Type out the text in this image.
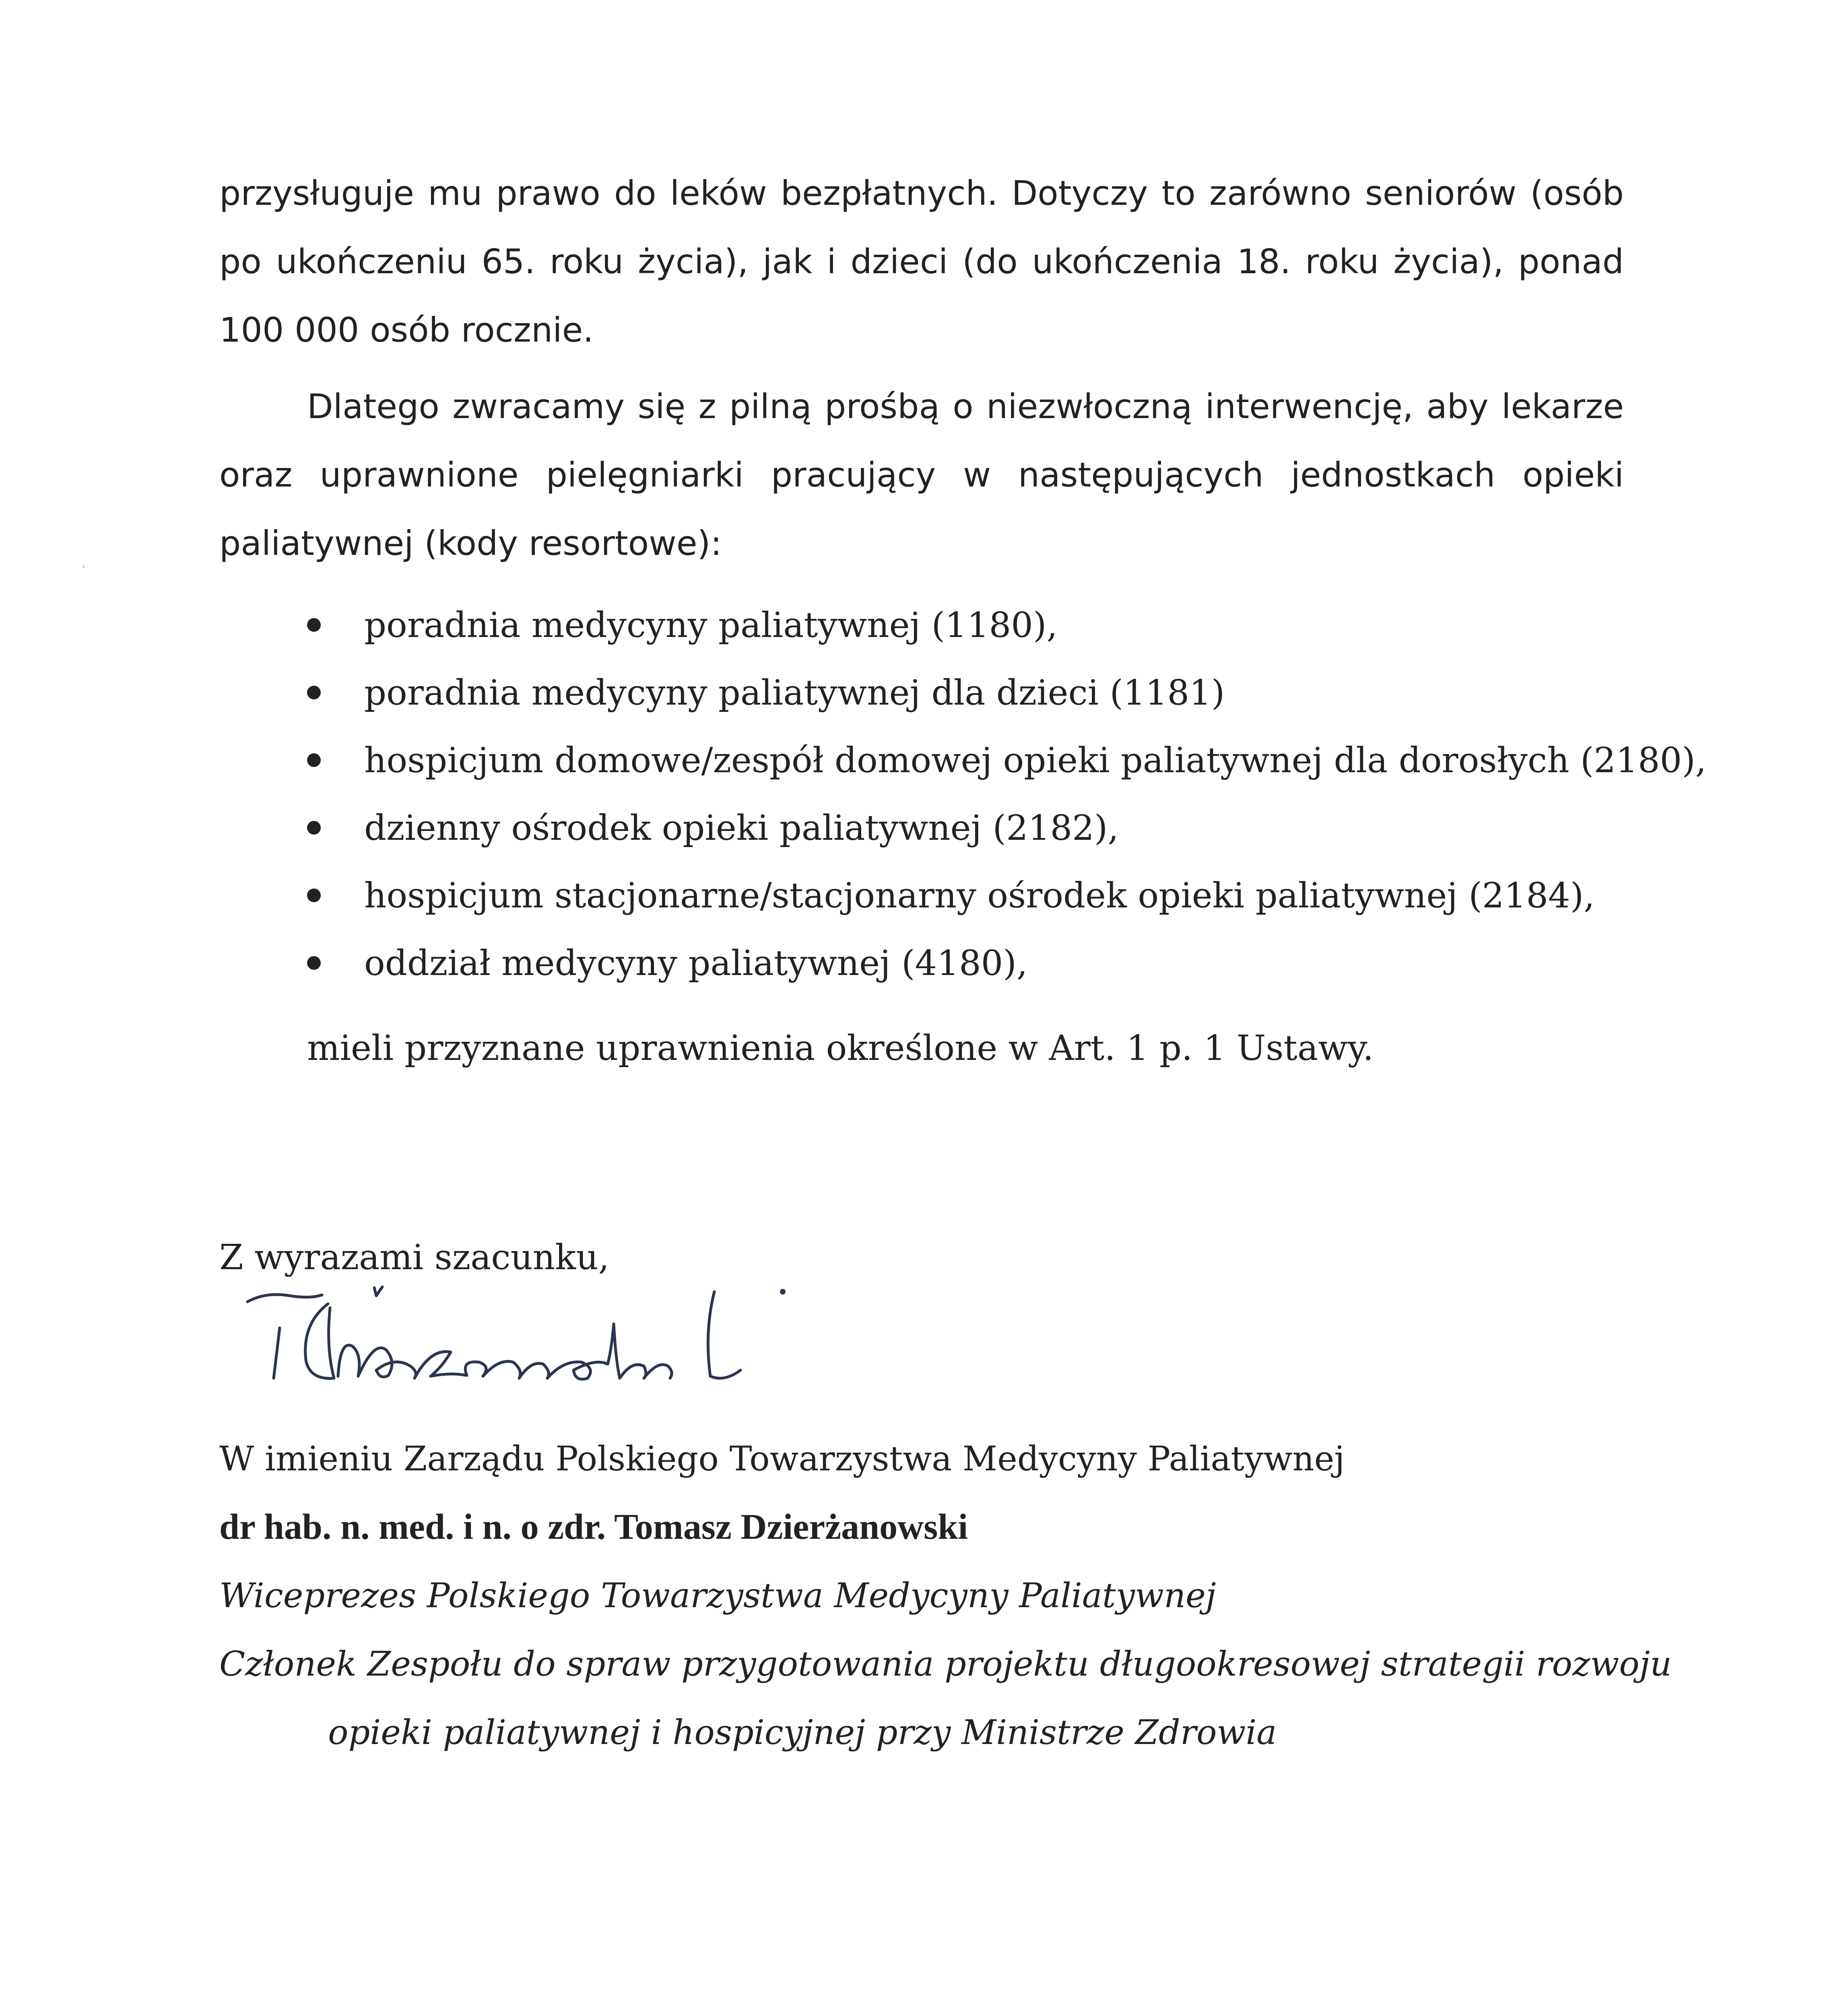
przysługuje mu prawo do leków bezpłatnych. Dotyczy to zarówno seniorów (osób po ukończeniu 65. roku życia), jak i dzieci (do ukończenia 18. roku życia), ponad 100 000 osób rocznie.

Dlatego zwracamy się z pilną prośbą o niezwłoczną interwencję, aby lekarze oraz uprawnione pielęgniarki pracujący w następujących jednostkach opieki paliatywnej (kody resortowe):

poradnia medycyny paliatywnej (1180),
poradnia medycyny paliatywnej dla dzieci (1181)
hospicjum domowe/zespół domowej opieki paliatywnej dla dorosłych (2180),
dzienny ośrodek opieki paliatywnej (2182),
hospicjum stacjonarne/stacjonarny ośrodek opieki paliatywnej (2184),
oddział medycyny paliatywnej (4180),

mieli przyznane uprawnienia określone w Art. 1 p. 1 Ustawy.

Z wyrazami szacunku,

W imieniu Zarządu Polskiego Towarzystwa Medycyny Paliatywnej
dr hab. n. med. i n. o zdr. Tomasz Dzierżanowski
Wiceprezes Polskiego Towarzystwa Medycyny Paliatywnej
Członek Zespołu do spraw przygotowania projektu długookresowej strategii rozwoju
opieki paliatywnej i hospicyjnej przy Ministrze Zdrowia
